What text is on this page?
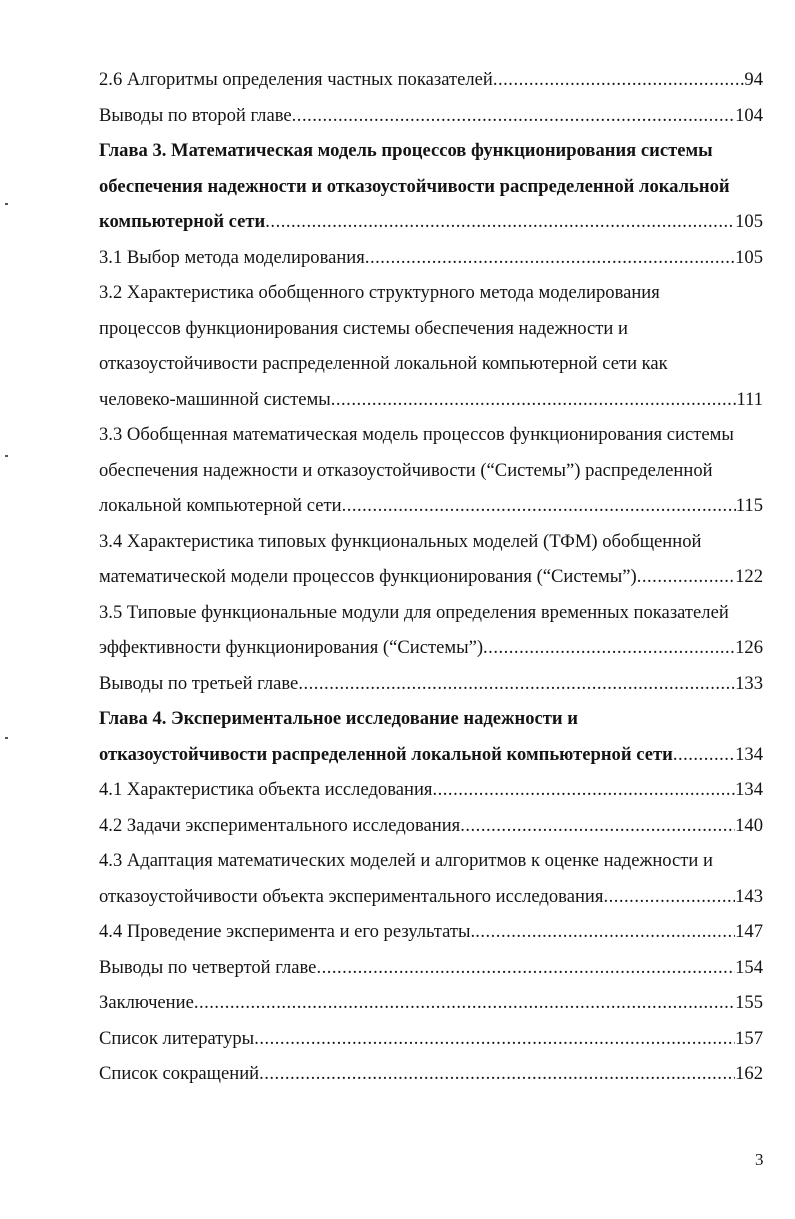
2.6 Алгоритмы определения частных показателей .....	94

Выводы по второй главе .....	104

Глава 3. Математическая модель процессов функционирования системы

обеспечения надежности и отказоустойчивости распределенной локальной

компьютерной сети .....	105

3.1 Выбор метода моделирования .....	105

3.2 Характеристика обобщенного структурного метода моделирования

процессов функционирования системы обеспечения надежности и

отказоустойчивости распределенной локальной компьютерной сети как

человеко-машинной системы .....	111

3.3 Обобщенная математическая модель процессов функционирования системы

обеспечения надежности и отказоустойчивости (“Системы”) распределенной

локальной компьютерной сети .....	115

3.4 Характеристика типовых функциональных моделей (ТФМ) обобщенной

математической модели процессов функционирования (“Системы”) .....	122

3.5 Типовые функциональные модули для определения временных показателей

эффективности функционирования (“Системы”) .....	126

Выводы по третьей главе .....	133

Глава 4. Экспериментальное исследование надежности и

отказоустойчивости распределенной локальной компьютерной сети .....	134

4.1 Характеристика объекта исследования .....	134

4.2 Задачи экспериментального исследования .....	140

4.3 Адаптация математических моделей и алгоритмов к оценке надежности и

отказоустойчивости объекта экспериментального исследования .....	143

4.4 Проведение эксперимента и его результаты. .....	147

Выводы по четвертой главе .....	154

Заключение .....	155

Список литературы .....	157

Список сокращений .....	162

3
